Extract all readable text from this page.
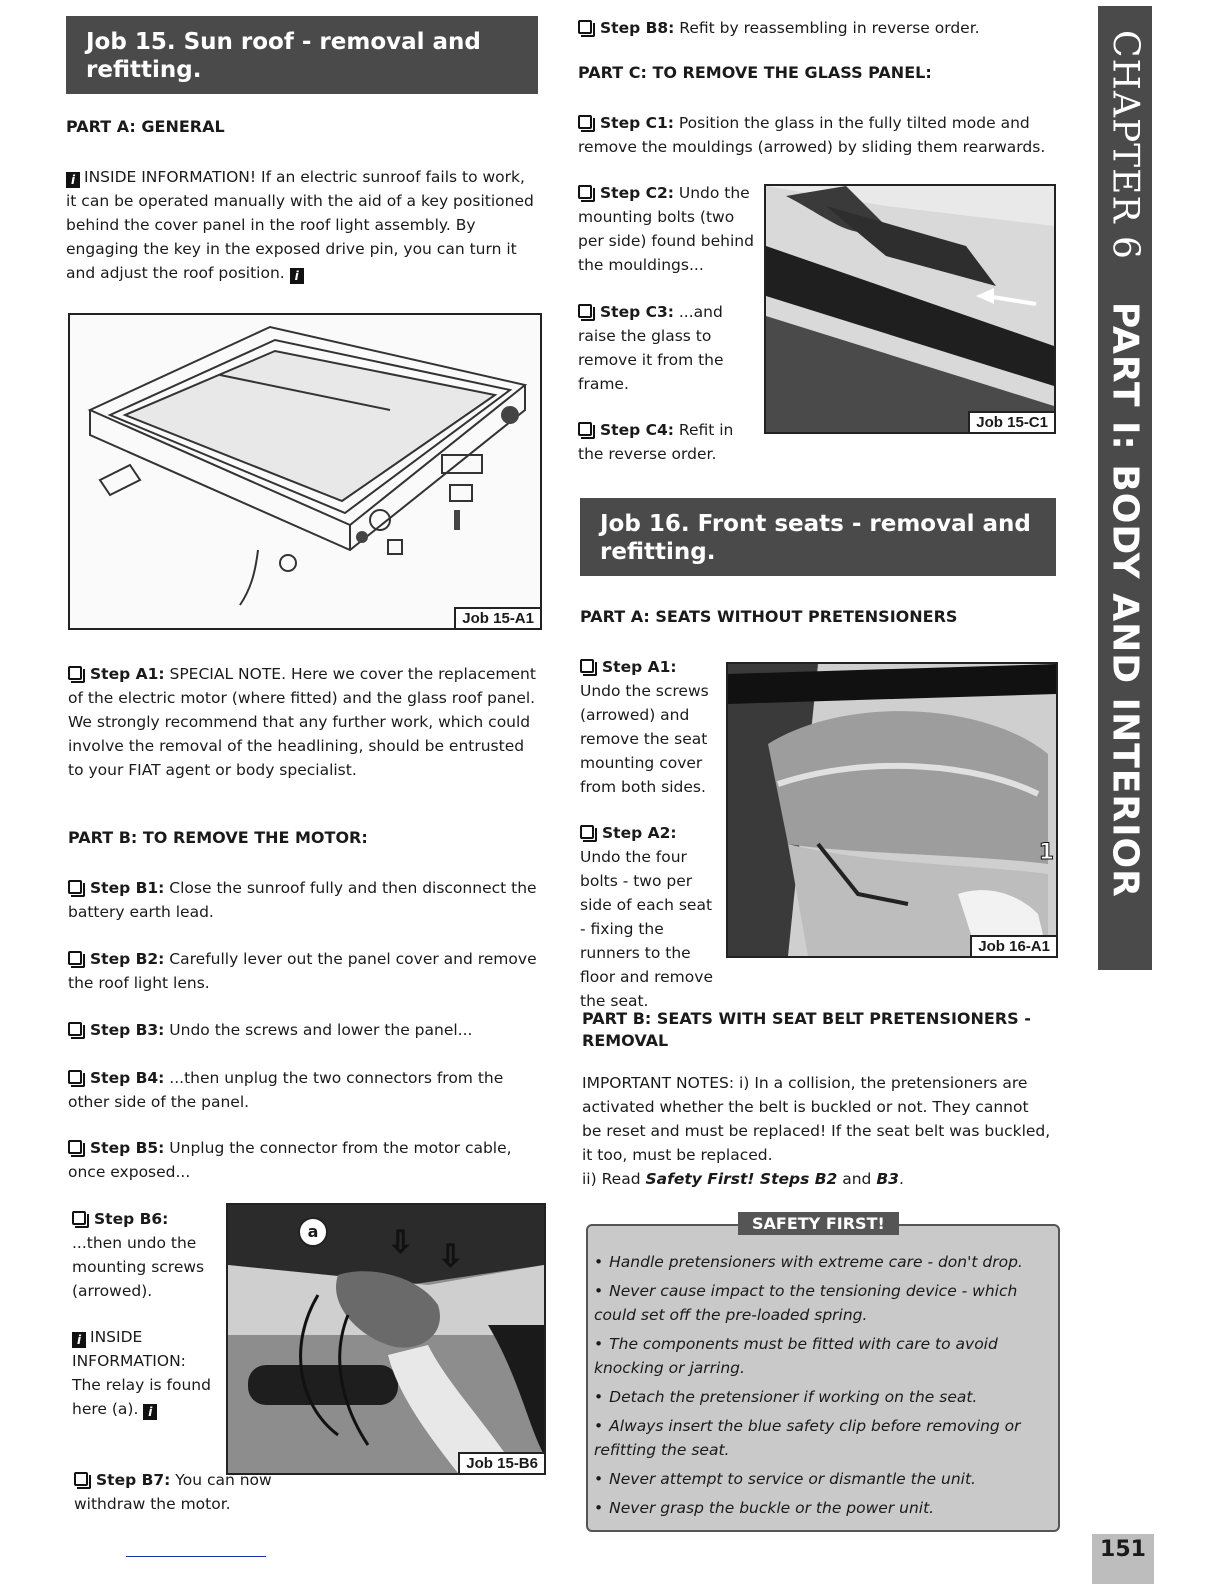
Job 15. Sun roof - removal and refitting.
PART A: GENERAL
i INSIDE INFORMATION! If an electric sunroof fails to work, it can be operated manually with the aid of a key positioned behind the cover panel in the roof light assembly. By engaging the key in the exposed drive pin, you can turn it and adjust the roof position. i
Job 15-A1
Step A1: SPECIAL NOTE. Here we cover the replacement of the electric motor (where fitted) and the glass roof panel. We strongly recommend that any further work, which could involve the removal of the headlining, should be entrusted to your FIAT agent or body specialist.
PART B: TO REMOVE THE MOTOR:
Step B1: Close the sunroof fully and then disconnect the battery earth lead.
Step B2: Carefully lever out the panel cover and remove the roof light lens.
Step B3: Undo the screws and lower the panel...
Step B4: ...then unplug the two connectors from the other side of the panel.
Step B5: Unplug the connector from the motor cable, once exposed...
Step B6:
...then undo the mounting screws (arrowed).
i INSIDE INFORMATION:
The relay is found here (a). i
a	⇩ ⇩
Job 15-B6
Step B7: You can now withdraw the motor.
Step B8: Refit by reassembling in reverse order.
PART C: TO REMOVE THE GLASS PANEL:
Step C1: Position the glass in the fully tilted mode and remove the mouldings (arrowed) by sliding them rearwards.
Step C2: Undo the mounting bolts (two per side) found behind the mouldings...
Step C3: ...and raise the glass to remove it from the frame.
Step C4: Refit in the reverse order.
Job 15-C1
Job 16. Front seats - removal and refitting.
PART A: SEATS WITHOUT PRETENSIONERS
Step A1:
Undo the screws (arrowed) and remove the seat mounting cover from both sides.
Step A2:
Undo the four bolts - two per side of each seat - fixing the runners to the floor and remove the seat.
1
Job 16-A1
PART B: SEATS WITH SEAT BELT PRETENSIONERS - REMOVAL
IMPORTANT NOTES: i) In a collision, the pretensioners are activated whether the belt is buckled or not. They cannot be reset and must be replaced! If the seat belt was buckled, it too, must be replaced.
ii) Read Safety First! Steps B2 and B3.
SAFETY FIRST!
• Handle pretensioners with extreme care - don't drop.
• Never cause impact to the tensioning device - which could set off the pre-loaded spring.
• The components must be fitted with care to avoid knocking or jarring.
• Detach the pretensioner if working on the seat.
• Always insert the blue safety clip before removing or refitting the seat.
• Never attempt to service or dismantle the unit.
• Never grasp the buckle or the power unit.
CHAPTER 6PART I: BODY AND INTERIOR
151
